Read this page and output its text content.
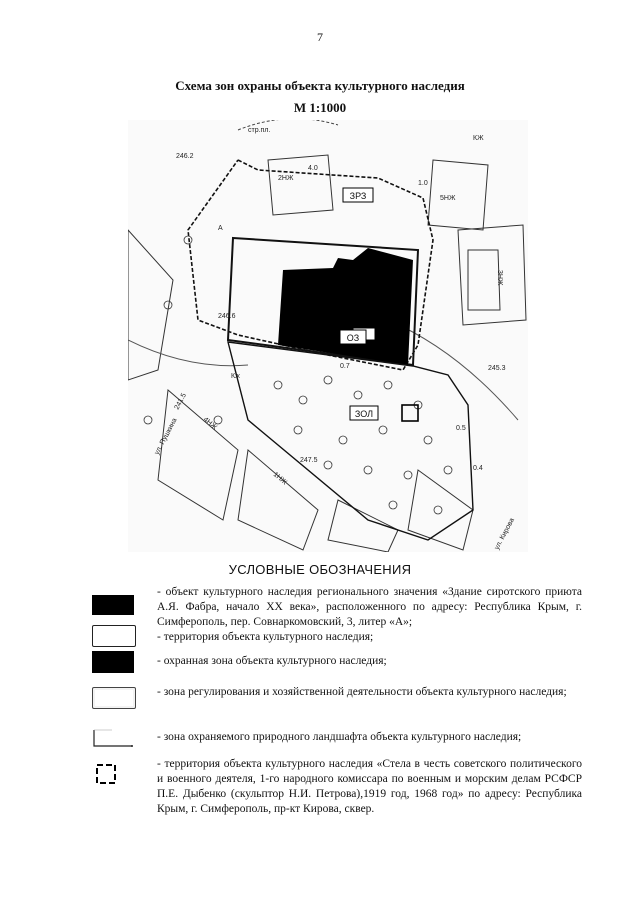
7
Схема зон охраны объекта культурного наследия
М 1:1000
ЗРЗ
ОЗ
ЗОЛ
ул. Пушкина
ул. Кирова
246.2
246.6
245.3
247.5
241.5
2НЖ
5НЖ
3НЖ
4НЖ
1НЖ
КЖ
стр.пл.
А
Кж
0.7
0.5
0.4
4.0
1.0
УСЛОВНЫЕ ОБОЗНАЧЕНИЯ
- объект культурного наследия регионального значения «Здание сиротского приюта А.Я. Фабра, начало XX века», расположенного по адресу: Республика Крым, г. Симферополь, пер. Совнаркомовский, 3, литер «А»;
- территория объекта культурного наследия;
- охранная зона объекта культурного наследия;
- зона регулирования и хозяйственной деятельности объекта культурного наследия;
- зона охраняемого природного ландшафта объекта культурного наследия;
- территория объекта культурного наследия «Стела в честь советского политического и военного деятеля, 1-го народного комиссара по военным и морским делам РСФСР П.Е. Дыбенко (скульптор Н.И. Петрова),1919 год, 1968 год» по адресу: Республика Крым, г. Симферополь, пр-кт Кирова, сквер.
